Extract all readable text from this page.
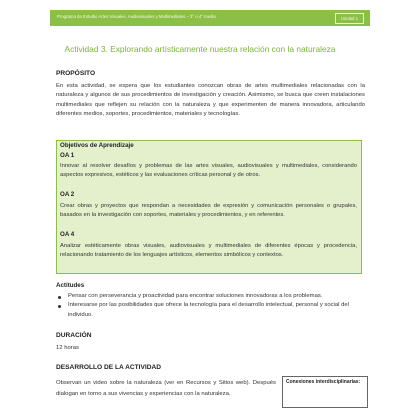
Programa de Estudio Artes Visuales, Audiovisuales y Multimediales – 3° o 4° medio	Unidad 1
Actividad 3. Explorando artísticamente nuestra relación con la naturaleza
PROPÓSITO
En esta actividad, se espera que los estudiantes conozcan obras de artes multimediales relacionadas con la naturaleza y algunos de sus procedimientos de investigación y creación. Asimismo, se busca que creen instalaciones multimediales que reflejen su relación con la naturaleza y que experimenten de manera innovadora, articulando diferentes medios, soportes, procedimientos, materiales y tecnologías.
Objetivos de Aprendizaje
OA 1
Innovar al resolver desafíos y problemas de las artes visuales, audiovisuales y multimediales, considerando aspectos expresivos, estéticos y las evaluaciones críticas personal y de otros.
OA 2
Crear obras y proyectos que respondan a necesidades de expresión y comunicación personales o grupales, basados en la investigación con soportes, materiales y procedimientos, y en referentes.
OA 4
Analizar estéticamente obras visuales, audiovisuales y multimediales de diferentes épocas y procedencia, relacionando tratamiento de los lenguajes artísticos, elementos simbólicos y contextos.
Actitudes
Pensar con perseverancia y proactividad para encontrar soluciones innovadoras a los problemas.
Interesarse por las posibilidades que ofrece la tecnología para el desarrollo intelectual, personal y social del individuo.
DURACIÓN
12 horas
DESARROLLO DE LA ACTIVIDAD
Observan un video sobre la naturaleza (ver en Recursos y Sitios web). Después dialogan en torno a sus vivencias y experiencias con la naturaleza.
Conexiones interdisciplinarias:
